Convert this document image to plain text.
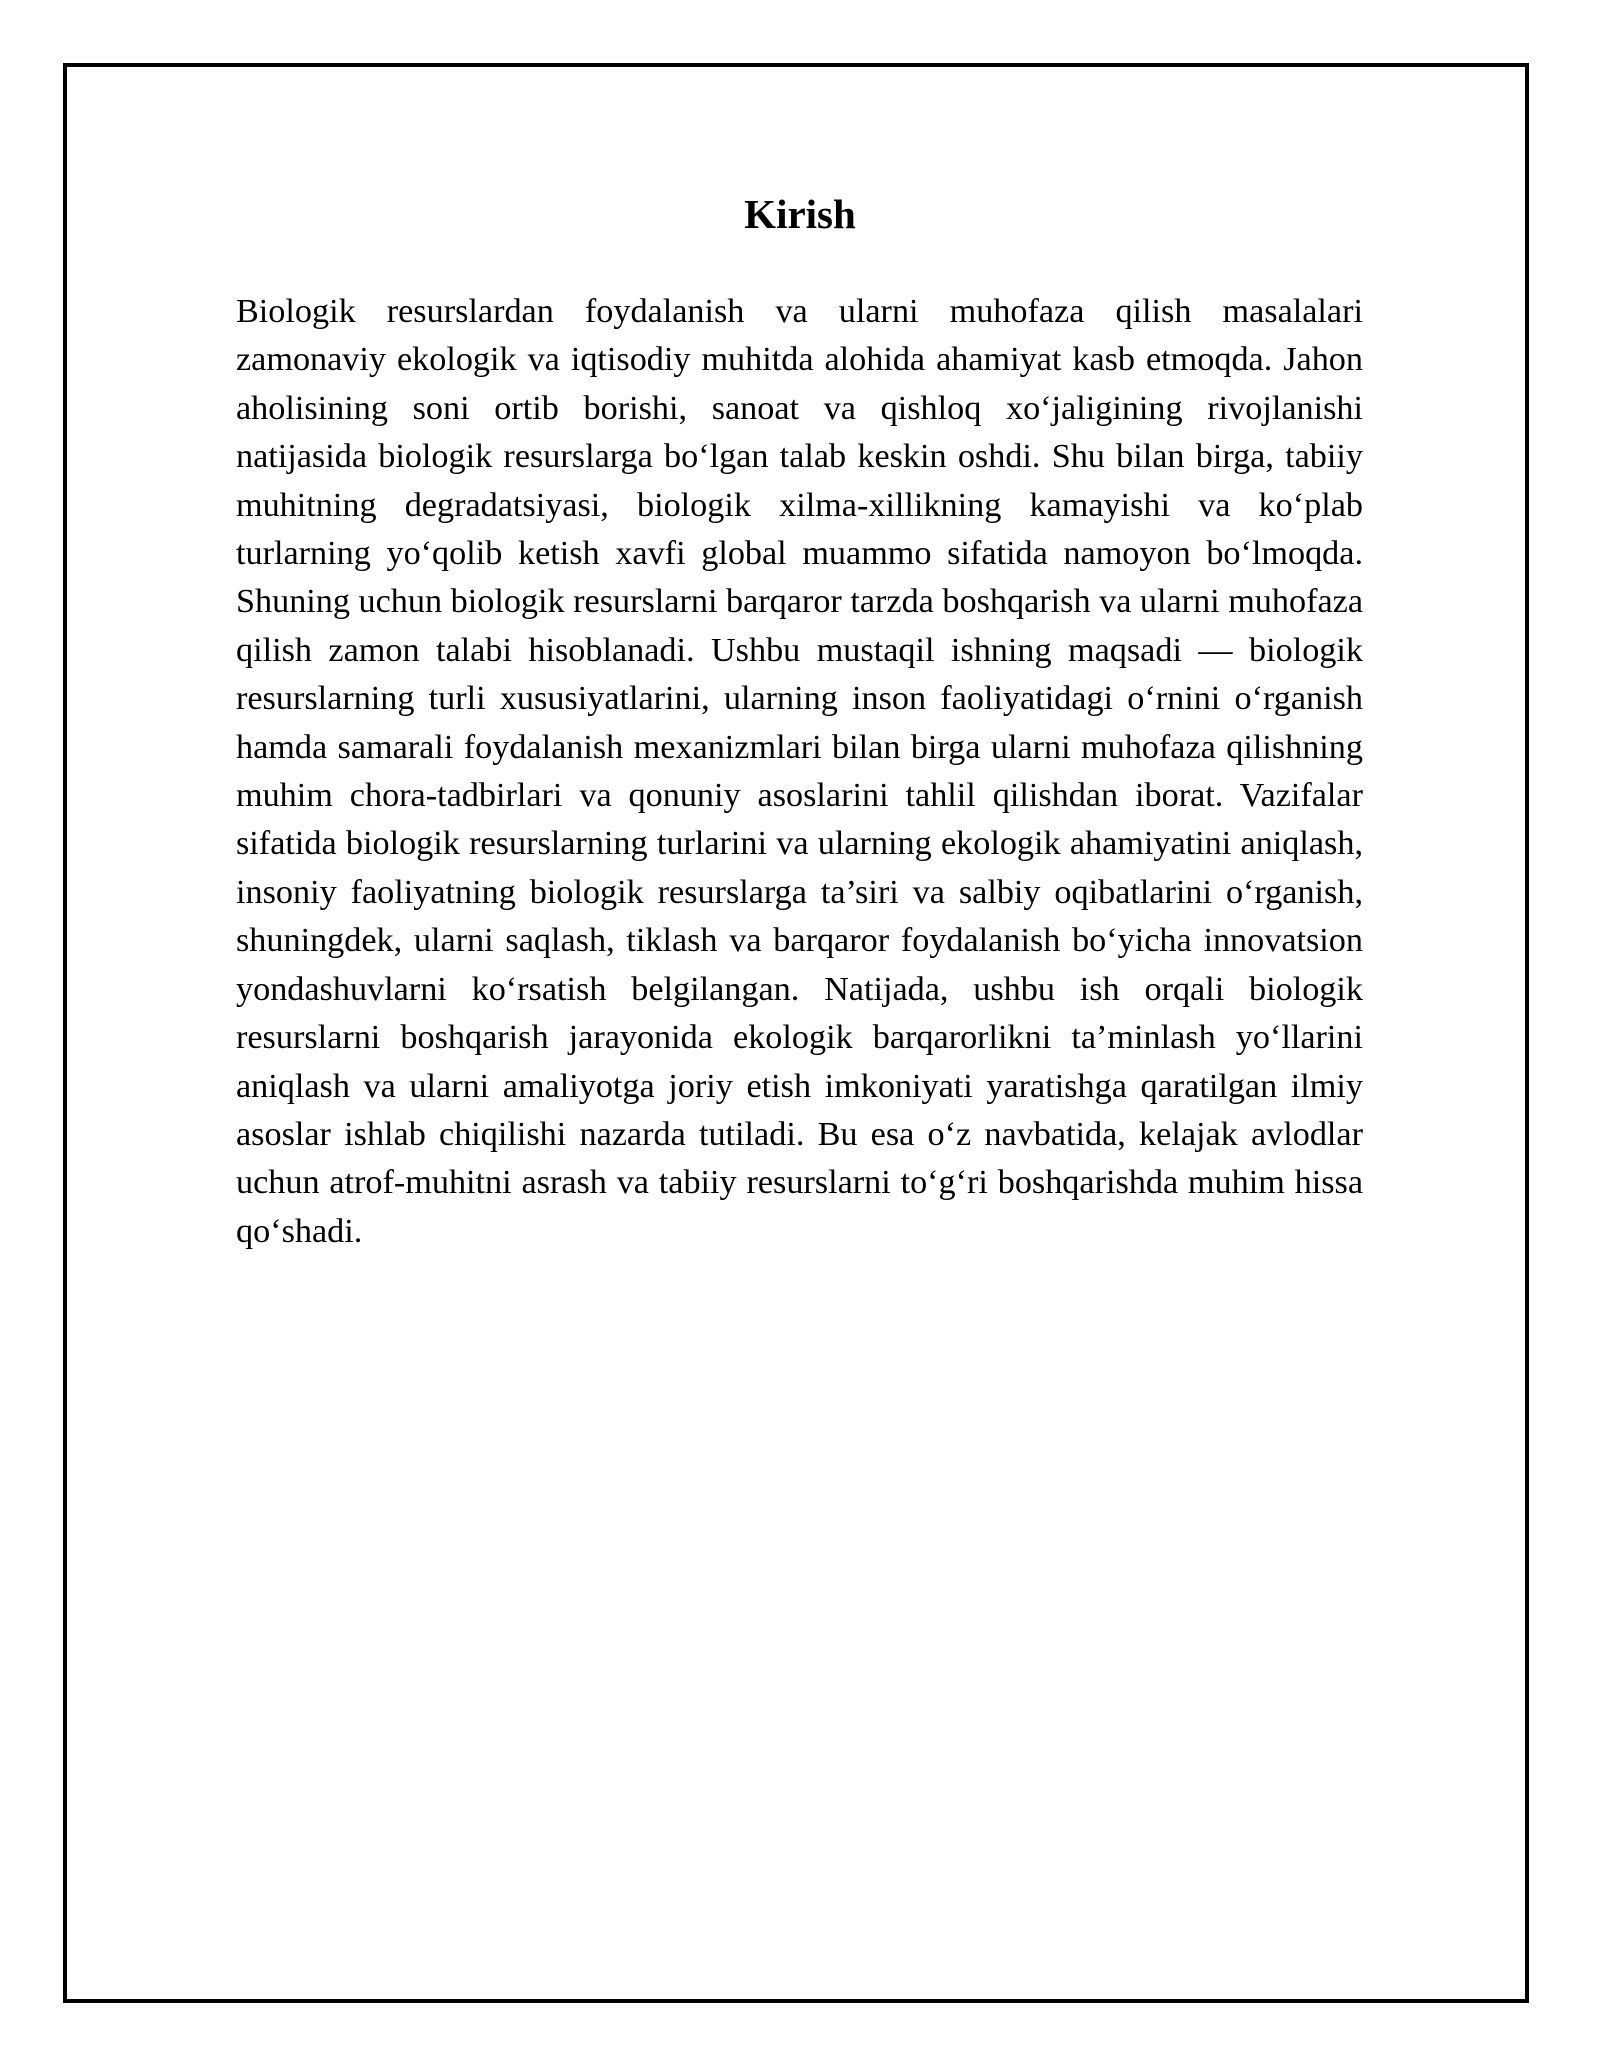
Kirish

Biologik resurslardan foydalanish va ularni muhofaza qilish masalalari zamonaviy ekologik va iqtisodiy muhitda alohida ahamiyat kasb etmoqda. Jahon aholisining soni ortib borishi, sanoat va qishloq xo‘jaligining rivojlanishi natijasida biologik resurslarga bo‘lgan talab keskin oshdi. Shu bilan birga, tabiiy muhitning degradatsiyasi, biologik xilma-xillikning kamayishi va ko‘plab turlarning yo‘qolib ketish xavfi global muammo sifatida namoyon bo‘lmoqda. Shuning uchun biologik resurslarni barqaror tarzda boshqarish va ularni muhofaza qilish zamon talabi hisoblanadi. Ushbu mustaqil ishning maqsadi — biologik resurslarning turli xususiyatlarini, ularning inson faoliyatidagi o‘rnini o‘rganish hamda samarali foydalanish mexanizmlari bilan birga ularni muhofaza qilishning muhim chora-tadbirlari va qonuniy asoslarini tahlil qilishdan iborat. Vazifalar sifatida biologik resurslarning turlarini va ularning ekologik ahamiyatini aniqlash, insoniy faoliyatning biologik resurslarga ta’siri va salbiy oqibatlarini o‘rganish, shuningdek, ularni saqlash, tiklash va barqaror foydalanish bo‘yicha innovatsion yondashuvlarni ko‘rsatish belgilangan. Natijada, ushbu ish orqali biologik resurslarni boshqarish jarayonida ekologik barqarorlikni ta’minlash yo‘llarini aniqlash va ularni amaliyotga joriy etish imkoniyati yaratishga qaratilgan ilmiy asoslar ishlab chiqilishi nazarda tutiladi. Bu esa o‘z navbatida, kelajak avlodlar uchun atrof-muhitni asrash va tabiiy resurslarni to‘g‘ri boshqarishda muhim hissa qo‘shadi.
